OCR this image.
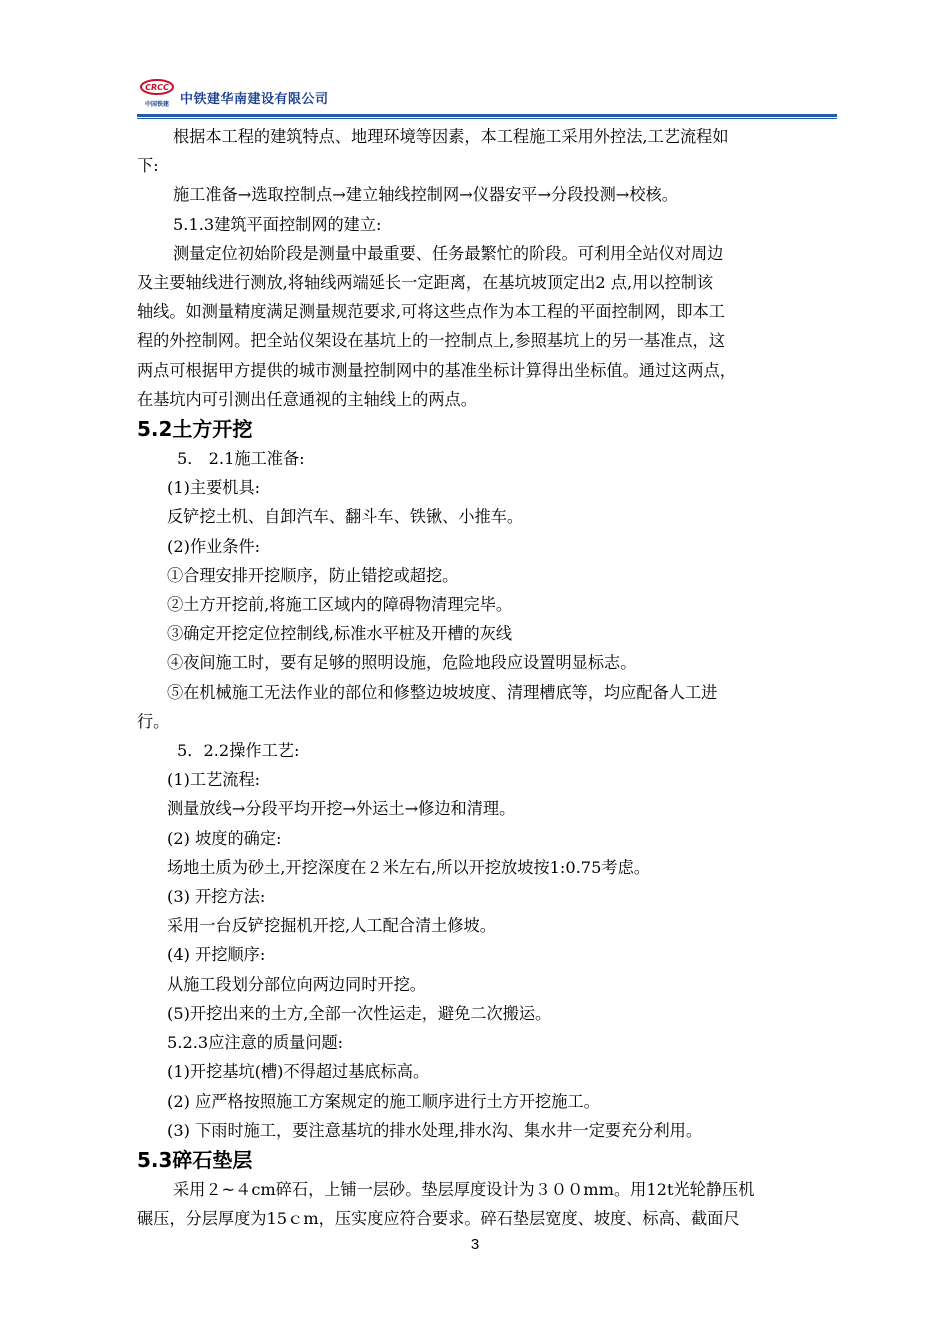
CRCC
中国铁建 中铁建华南建设有限公司

根据本工程的建筑特点、地理环境等因素，本工程施工采用外控法,工艺流程如

下:

施工准备→选取控制点→建立轴线控制网→仪器安平→分段投测→校核。

5.1.3建筑平面控制网的建立:

测量定位初始阶段是测量中最重要、任务最繁忙的阶段。可利用全站仪对周边

及主要轴线进行测放,将轴线两端延长一定距离，在基坑坡顶定出2 点,用以控制该

轴线。如测量精度满足测量规范要求,可将这些点作为本工程的平面控制网，即本工

程的外控制网。把全站仪架设在基坑上的一控制点上,参照基坑上的另一基准点，这

两点可根据甲方提供的城市测量控制网中的基准坐标计算得出坐标值。通过这两点，

在基坑内可引测出任意通视的主轴线上的两点。

5.2土方开挖

5． 2.1施工准备:

(1)主要机具:

反铲挖土机、自卸汽车、翻斗车、铁锹、小推车。

(2)作业条件:

①合理安排开挖顺序，防止错挖或超挖。

②土方开挖前,将施工区域内的障碍物清理完毕。

③确定开挖定位控制线,标准水平桩及开槽的灰线

④夜间施工时，要有足够的照明设施，危险地段应设置明显标志。

⑤在机械施工无法作业的部位和修整边坡坡度、清理槽底等，均应配备人工进

行。

5．2.2操作工艺:

(1)工艺流程:

测量放线→分段平均开挖→外运土→修边和清理。

(2) 坡度的确定:

场地土质为砂土,开挖深度在２米左右,所以开挖放坡按1:0.75考虑。

(3) 开挖方法:

采用一台反铲挖掘机开挖,人工配合清土修坡。

(4) 开挖顺序:

从施工段划分部位向两边同时开挖。

(5)开挖出来的土方,全部一次性运走，避免二次搬运。

5.2.3应注意的质量问题:

(1)开挖基坑(槽)不得超过基底标高。

(2) 应严格按照施工方案规定的施工顺序进行土方开挖施工。

(3) 下雨时施工，要注意基坑的排水处理,排水沟、集水井一定要充分利用。

5.3碎石垫层

采用２~４cm碎石，上铺一层砂。垫层厚度设计为３００mm。用12t光轮静压机

碾压，分层厚度为15ｃm，压实度应符合要求。碎石垫层宽度、坡度、标高、截面尺

3
